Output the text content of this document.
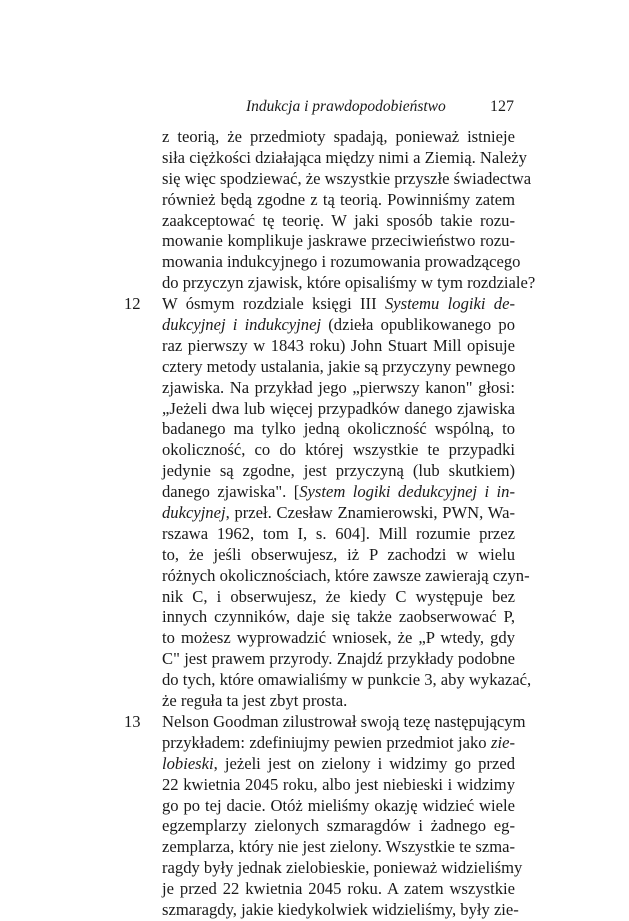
Indukcja i prawdopodobieństwo	127
z teorią, że przedmioty spadają, ponieważ istnieje
siła ciężkości działająca między nimi a Ziemią. Należy
się więc spodziewać, że wszystkie przyszłe świadectwa
również będą zgodne z tą teorią. Powinniśmy zatem
zaakceptować tę teorię. W jaki sposób takie rozu-
mowanie komplikuje jaskrawe przeciwieństwo rozu-
mowania indukcyjnego i rozumowania prowadzącego
do przyczyn zjawisk, które opisaliśmy w tym rozdziale?
12 W ósmym rozdziale księgi III Systemu logiki de-
dukcyjnej i indukcyjnej (dzieła opublikowanego po
raz pierwszy w 1843 roku) John Stuart Mill opisuje
cztery metody ustalania, jakie są przyczyny pewnego
zjawiska. Na przykład jego „pierwszy kanon" głosi:
„Jeżeli dwa lub więcej przypadków danego zjawiska
badanego ma tylko jedną okoliczność wspólną, to
okoliczność, co do której wszystkie te przypadki
jedynie są zgodne, jest przyczyną (lub skutkiem)
danego zjawiska". [System logiki dedukcyjnej i in-
dukcyjnej, przeł. Czesław Znamierowski, PWN, Wa-
rszawa 1962, tom I, s. 604]. Mill rozumie przez
to, że jeśli obserwujesz, iż P zachodzi w wielu
różnych okolicznościach, które zawsze zawierają czyn-
nik C, i obserwujesz, że kiedy C występuje bez
innych czynników, daje się także zaobserwować P,
to możesz wyprowadzić wniosek, że „P wtedy, gdy
C" jest prawem przyrody. Znajdź przykłady podobne
do tych, które omawialiśmy w punkcie 3, aby wykazać,
że reguła ta jest zbyt prosta.
13 Nelson Goodman zilustrował swoją tezę następującym
przykładem: zdefiniujmy pewien przedmiot jako zie-
lobieski, jeżeli jest on zielony i widzimy go przed
22 kwietnia 2045 roku, albo jest niebieski i widzimy
go po tej dacie. Otóż mieliśmy okazję widzieć wiele
egzemplarzy zielonych szmaragdów i żadnego eg-
zemplarza, który nie jest zielony. Wszystkie te szma-
ragdy były jednak zielobieskie, ponieważ widzieliśmy
je przed 22 kwietnia 2045 roku. A zatem wszystkie
szmaragdy, jakie kiedykolwiek widzieliśmy, były zie-
